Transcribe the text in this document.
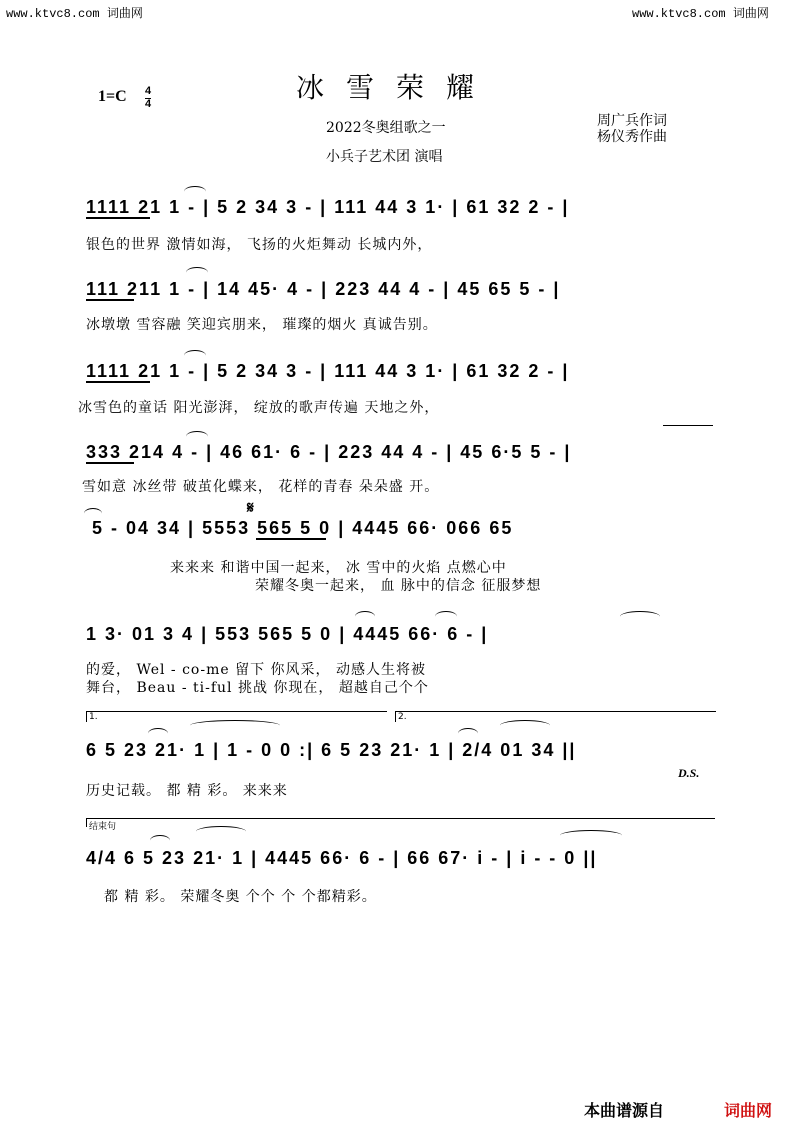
www.ktvc8.com 词曲网	www.ktvc8.com 词曲网
冰雪荣耀
$1=C \frac{4}{4}$
2022冬奥组歌之一
小兵子艺术团 演唱
周广兵作词
杨仪秀作曲
1111 21 1 - | 5 2 34 3 - | 111 44 3 1· | 61 32 2 - |
银色的世界 激情如海， 飞扬的火炬舞动 长城内外，
111 211 1 - | 14 45· 4 - | 223 44 4 - | 45 65 5 - |
冰墩墩 雪容融 笑迎宾朋来， 璀璨的烟火 真诚告别。
1111 21 1 - | 5 2 34 3 - | 111 44 3 1· | 61 32 2 - |
冰雪色的童话 阳光澎湃， 绽放的歌声传遍 天地之外，
333 214 4 - | 46 61· 6 - | 223 44 4 - | 45 6·5 5 - |
雪如意 冰丝带 破茧化蝶来， 花样的青春 朵朵盛 开。
𝄋
5 - 04 34 | 5553 565 5 0 | 4445 66· 066 65
来来来 和谐中国一起来， 冰 雪中的火焰 点燃心中
荣耀冬奥一起来， 血 脉中的信念 征服梦想
1 3· 01 3 4 | 553 565 5 0 | 4445 66· 6 - |
的爱， Wel - co-me 留下 你风采， 动感人生将被
舞台， Beau - ti-ful 挑战 你现在， 超越自己个个
1.	2.
6 5 23 21· 1 | 1 - 0 0 :| 6 5 23 21· 1 | 2/4 01 34 ||
D.S.
历史记载。 都 精 彩。 来来来
结束句
4/4 6 5 23 21· 1 | 4445 66· 6 - | 66 67· i - | i - - 0 ||
都 精 彩。 荣耀冬奥 个个 个 个都精彩。
本曲谱源自	词曲网
